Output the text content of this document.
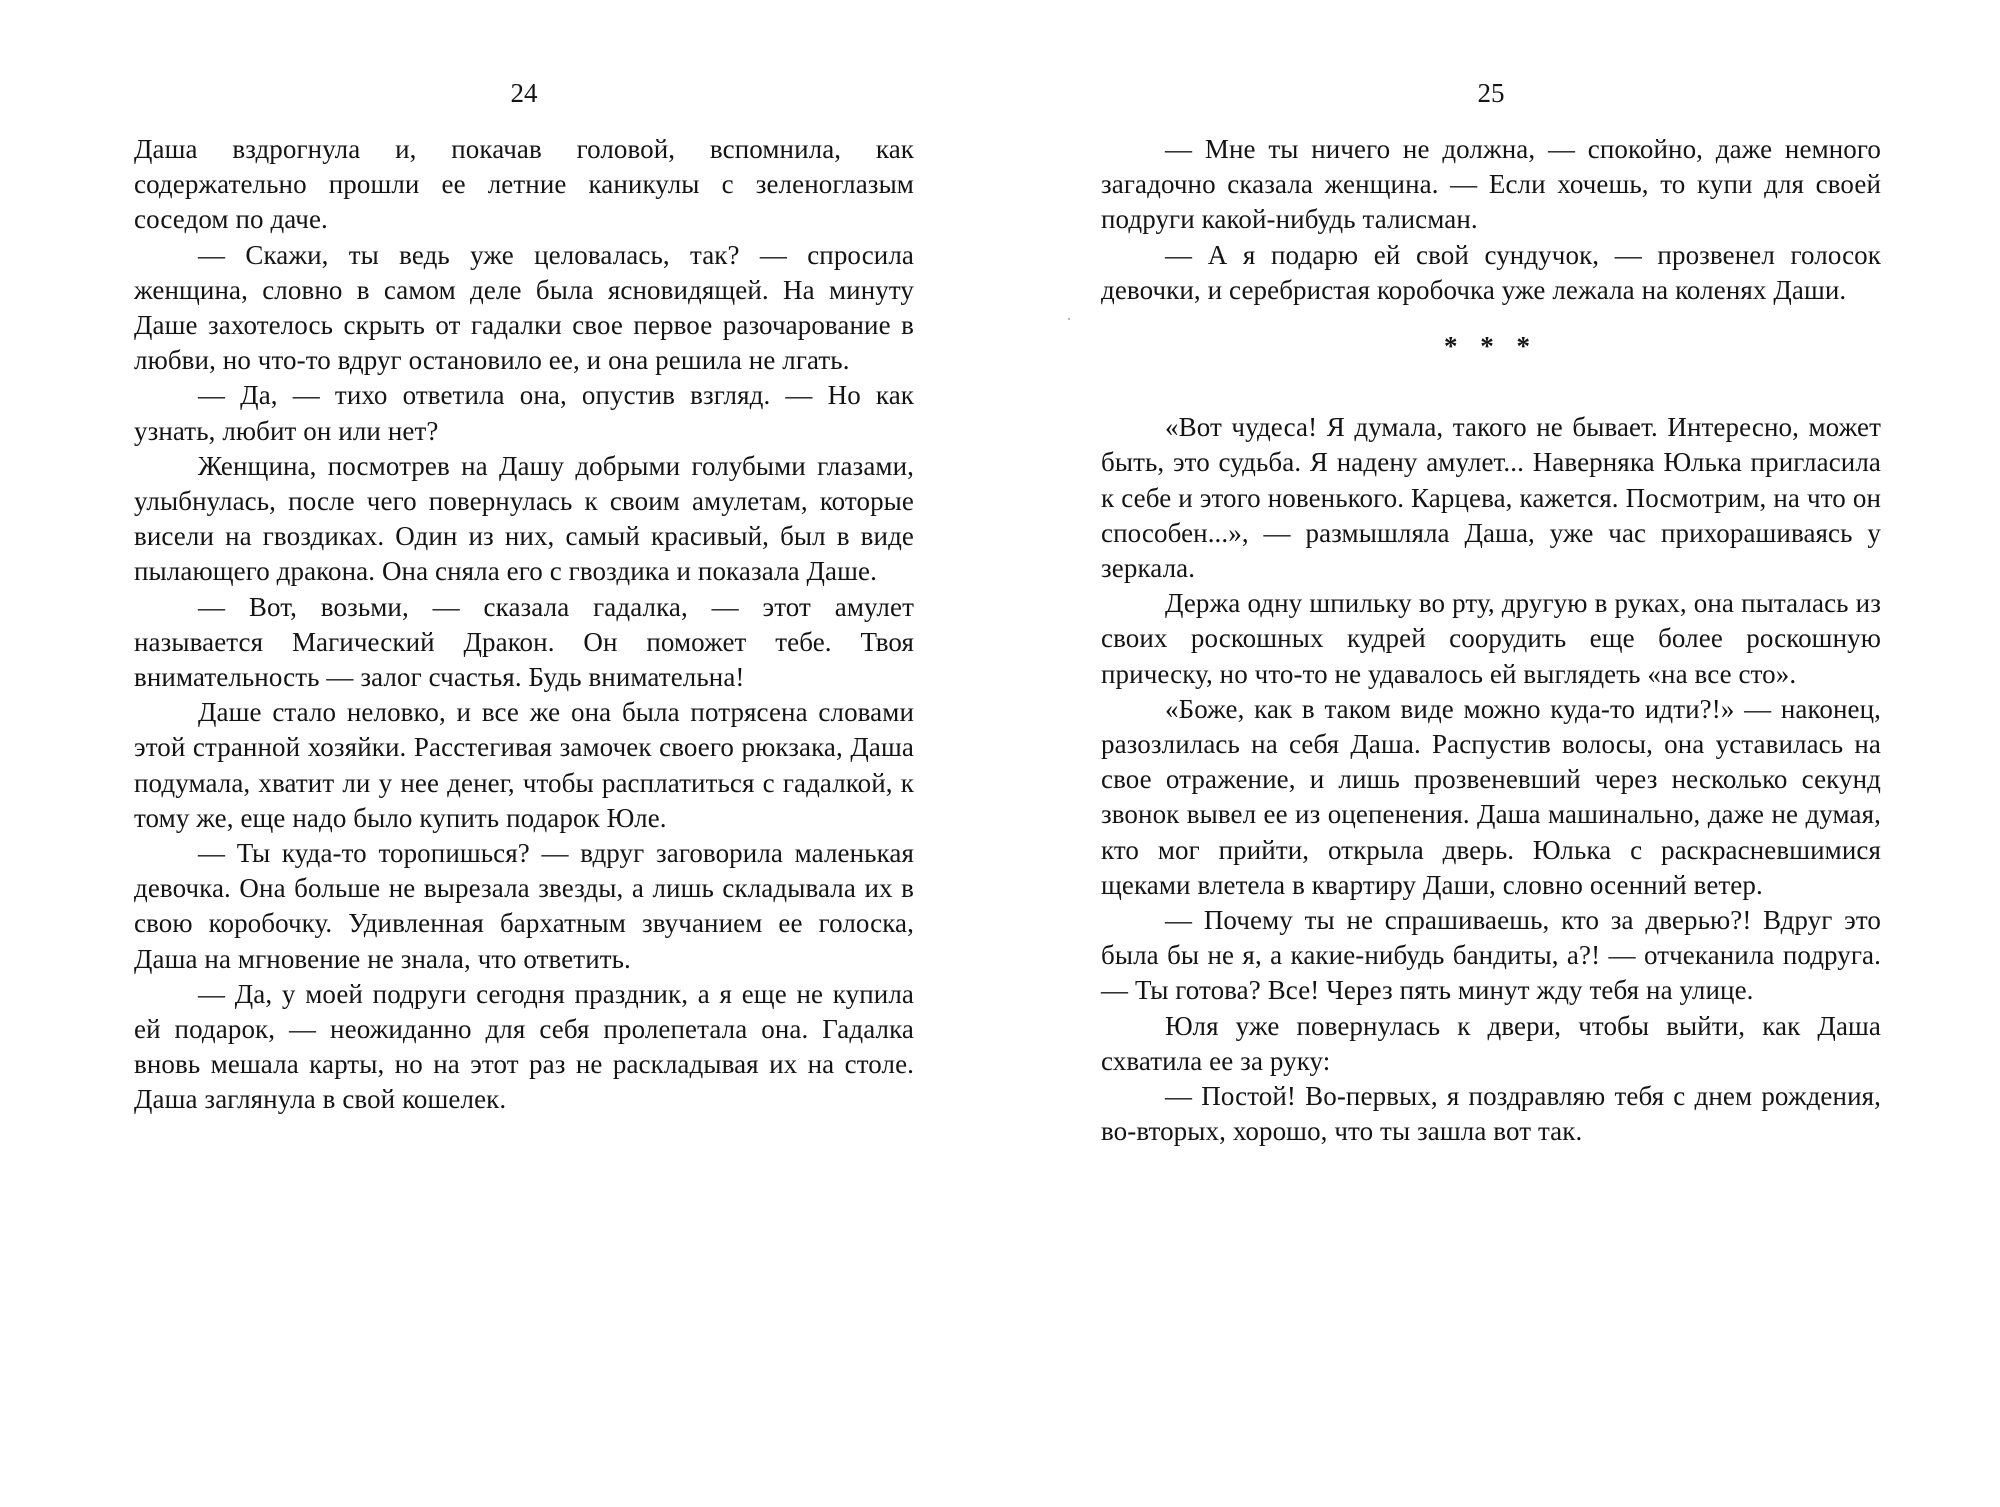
24

Даша вздрогнула и, покачав головой, вспомнила, как содержательно прошли ее летние каникулы с зеленоглазым соседом по даче.

— Скажи, ты ведь уже целовалась, так? — спросила женщина, словно в самом деле была ясновидящей. На минуту Даше захотелось скрыть от гадалки свое первое разочарование в любви, но что-то вдруг остановило ее, и она решила не лгать.

— Да, — тихо ответила она, опустив взгляд. — Но как узнать, любит он или нет?

Женщина, посмотрев на Дашу добрыми голубыми глазами, улыбнулась, после чего повернулась к своим амулетам, которые висели на гвоздиках. Один из них, самый красивый, был в виде пылающего дракона. Она сняла его с гвоздика и показала Даше.

— Вот, возьми, — сказала гадалка, — этот амулет называется Магический Дракон. Он поможет тебе. Твоя внимательность — залог счастья. Будь внимательна!

Даше стало неловко, и все же она была потрясена словами этой странной хозяйки. Расстегивая замочек своего рюкзака, Даша подумала, хватит ли у нее денег, чтобы расплатиться с гадалкой, к тому же, еще надо было купить подарок Юле.

— Ты куда-то торопишься? — вдруг заговорила маленькая девочка. Она больше не вырезала звезды, а лишь складывала их в свою коробочку. Удивленная бархатным звучанием ее голоска, Даша на мгновение не знала, что ответить.

— Да, у моей подруги сегодня праздник, а я еще не купила ей подарок, — неожиданно для себя пролепетала она. Гадалка вновь мешала карты, но на этот раз не раскладывая их на столе. Даша заглянула в свой кошелек.

25

— Мне ты ничего не должна, — спокойно, даже немного загадочно сказала женщина. — Если хочешь, то купи для своей подруги какой-нибудь талисман.

— А я подарю ей свой сундучок, — прозвенел голосок девочки, и серебристая коробочка уже лежала на коленях Даши.

* * *

«Вот чудеса! Я думала, такого не бывает. Интересно, может быть, это судьба. Я надену амулет... Наверняка Юлька пригласила к себе и этого новенького. Карцева, кажется. Посмотрим, на что он способен...», — размышляла Даша, уже час прихорашиваясь у зеркала.

Держа одну шпильку во рту, другую в руках, она пыталась из своих роскошных кудрей соорудить еще более роскошную прическу, но что-то не удавалось ей выглядеть «на все сто».

«Боже, как в таком виде можно куда-то идти?!» — наконец, разозлилась на себя Даша. Распустив волосы, она уставилась на свое отражение, и лишь прозвеневший через несколько секунд звонок вывел ее из оцепенения. Даша машинально, даже не думая, кто мог прийти, открыла дверь. Юлька с раскрасневшимися щеками влетела в квартиру Даши, словно осенний ветер.

— Почему ты не спрашиваешь, кто за дверью?! Вдруг это была бы не я, а какие-нибудь бандиты, а?! — отчеканила подруга. — Ты готова? Все! Через пять минут жду тебя на улице.

Юля уже повернулась к двери, чтобы выйти, как Даша схватила ее за руку:

— Постой! Во-первых, я поздравляю тебя с днем рождения, во-вторых, хорошо, что ты зашла вот так.
